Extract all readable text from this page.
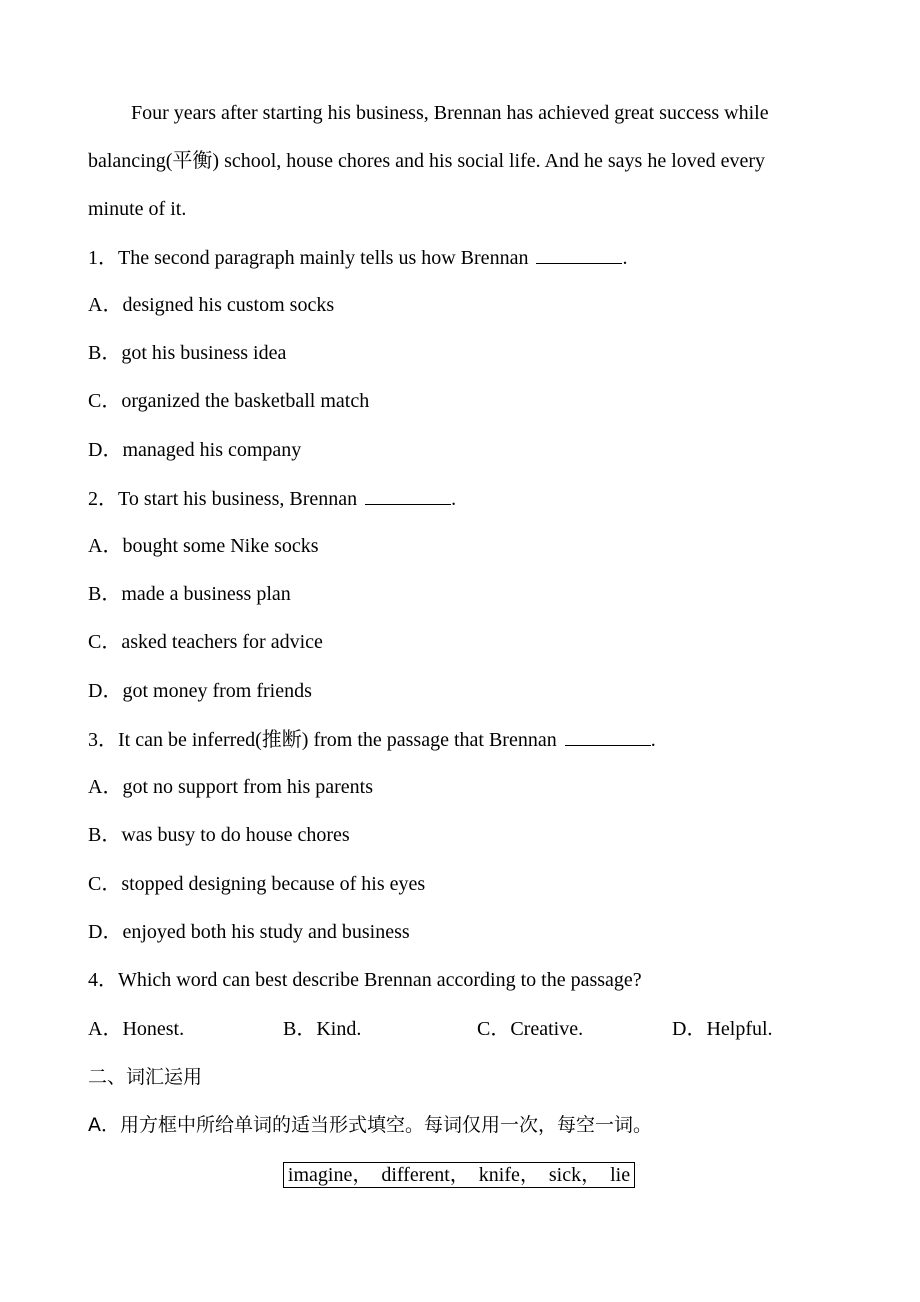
Four years after starting his business, Brennan has achieved great success while
balancing(平衡) school, house chores and his social life. And he says he loved every
minute of it.
1．The second paragraph mainly tells us how Brennan	.
A．designed his custom socks
B．got his business idea
C．organized the basketball match
D．managed his company
2．To start his business, Brennan	.
A．bought some Nike socks
B．made a business plan
C．asked teachers for advice
D．got money from friends
3．It can be inferred(推断) from the passage that Brennan	.
A．got no support from his parents
B．was busy to do house chores
C．stopped designing because of his eyes
D．enjoyed both his study and business
4．Which word can best describe Brennan according to the passage?
A．Honest.	B．Kind.	C．Creative.	D．Helpful.
二、词汇运用
A．用方框中所给单词的适当形式填空。每词仅用一次，每空一词。
imagine， different， knife， sick， lie
